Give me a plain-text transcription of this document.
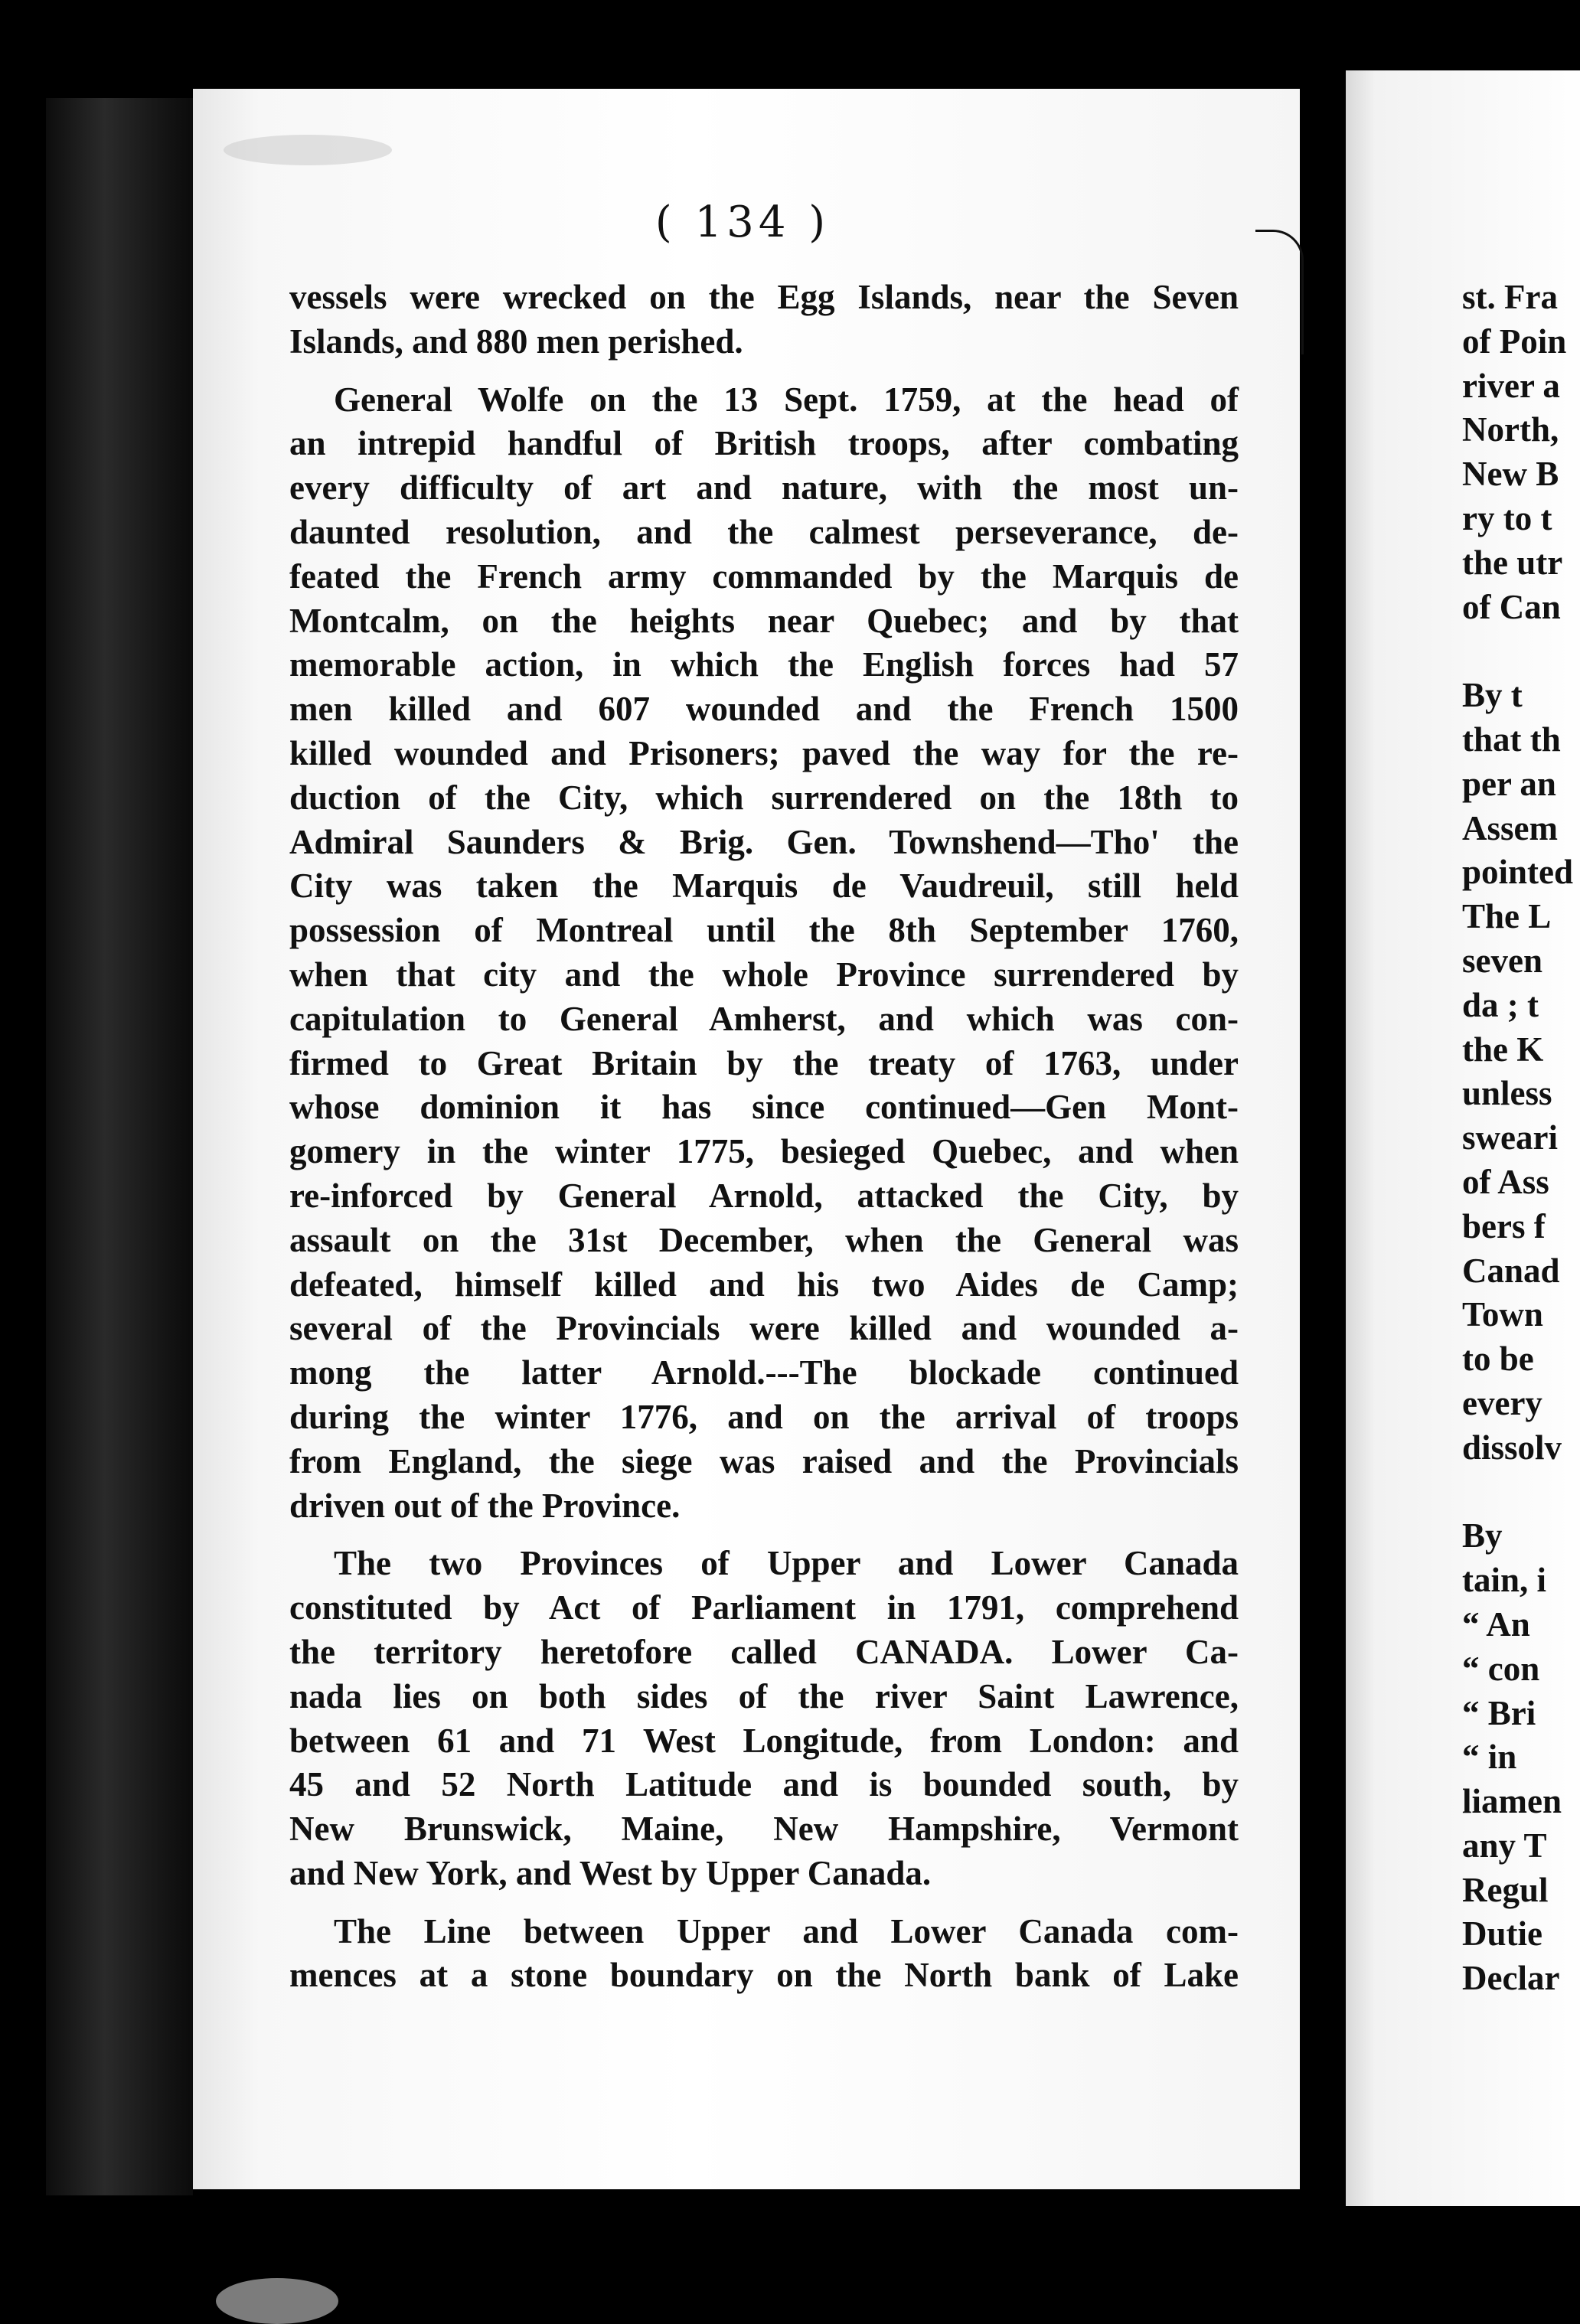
( 134 )
vessels were wrecked on the Egg Islands, near the Seven
Islands, and 880 men perished.
General Wolfe on the 13 Sept. 1759, at the head of
an intrepid handful of British troops, after combating
every difficulty of art and nature, with the most un-
daunted resolution, and the calmest perseverance, de-
feated the French army commanded by the Marquis de
Montcalm, on the heights near Quebec; and by that
memorable action, in which the English forces had 57
men killed and 607 wounded and the French 1500
killed wounded and Prisoners; paved the way for the re-
duction of the City, which surrendered on the 18th to
Admiral Saunders & Brig. Gen. Townshend—Tho' the
City was taken the Marquis de Vaudreuil, still held
possession of Montreal until the 8th September 1760,
when that city and the whole Province surrendered by
capitulation to General Amherst, and which was con-
firmed to Great Britain by the treaty of 1763, under
whose dominion it has since continued—Gen Mont-
gomery in the winter 1775, besieged Quebec, and when
re-inforced by General Arnold, attacked the City, by
assault on the 31st December, when the General was
defeated, himself killed and his two Aides de Camp;
several of the Provincials were killed and wounded a-
mong the latter Arnold.---The blockade continued
during the winter 1776, and on the arrival of troops
from England, the siege was raised and the Provincials
driven out of the Province.
The two Provinces of Upper and Lower Canada
constituted by Act of Parliament in 1791, comprehend
the territory heretofore called CANADA. Lower Ca-
nada lies on both sides of the river Saint Lawrence,
between 61 and 71 West Longitude, from London: and
45 and 52 North Latitude and is bounded south, by
New Brunswick, Maine, New Hampshire, Vermont
and New York, and West by Upper Canada.
The Line between Upper and Lower Canada com-
mences at a stone boundary on the North bank of Lake
st. Fra
of Poin
river a
North,
New B
ry to t
the utr
of Can
By t
that th
per an
Assem
pointed
The L
seven
da ; t
the K
unless
sweari
of Ass
bers f
Canad
Town
to be
every
dissolv
By
tain, i
“ An
“ con
“ Bri
“ in
liamen
any T
Regul
Dutie
Declar
